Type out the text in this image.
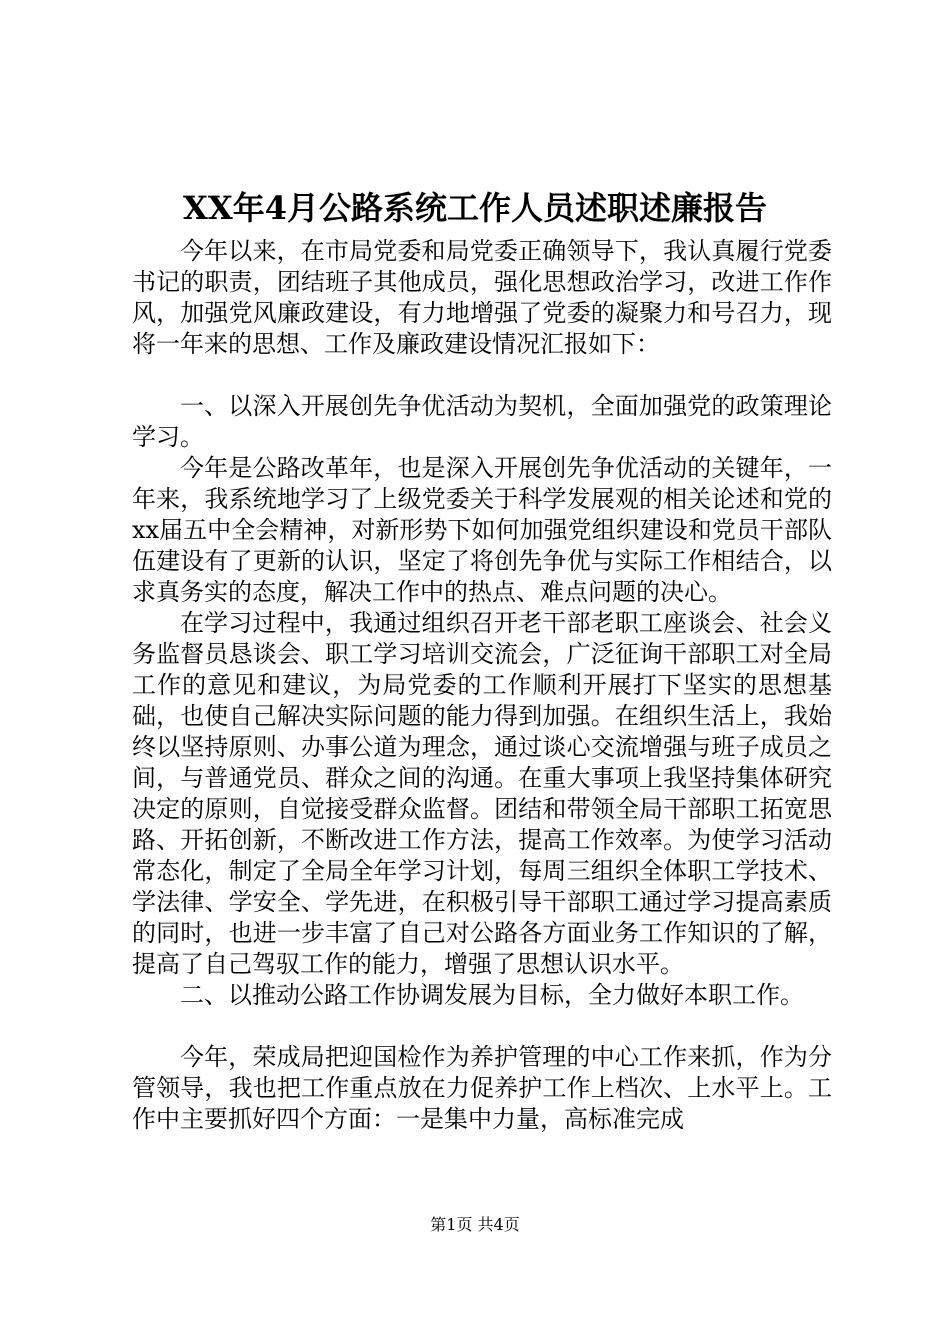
XX年4月公路系统工作人员述职述廉报告

今年以来，在市局党委和局党委正确领导下，我认真履行党委书记的职责，团结班子其他成员，强化思想政治学习，改进工作作风，加强党风廉政建设，有力地增强了党委的凝聚力和号召力，现将一年来的思想、工作及廉政建设情况汇报如下：

一、以深入开展创先争优活动为契机，全面加强党的政策理论学习。

今年是公路改革年，也是深入开展创先争优活动的关键年，一年来，我系统地学习了上级党委关于科学发展观的相关论述和党的xx届五中全会精神，对新形势下如何加强党组织建设和党员干部队伍建设有了更新的认识，坚定了将创先争优与实际工作相结合，以求真务实的态度，解决工作中的热点、难点问题的决心。

在学习过程中，我通过组织召开老干部老职工座谈会、社会义务监督员恳谈会、职工学习培训交流会，广泛征询干部职工对全局工作的意见和建议，为局党委的工作顺利开展打下坚实的思想基础，也使自己解决实际问题的能力得到加强。在组织生活上，我始终以坚持原则、办事公道为理念，通过谈心交流增强与班子成员之间，与普通党员、群众之间的沟通。在重大事项上我坚持集体研究决定的原则，自觉接受群众监督。团结和带领全局干部职工拓宽思路、开拓创新，不断改进工作方法，提高工作效率。为使学习活动常态化，制定了全局全年学习计划，每周三组织全体职工学技术、学法律、学安全、学先进，在积极引导干部职工通过学习提高素质的同时，也进一步丰富了自己对公路各方面业务工作知识的了解，提高了自己驾驭工作的能力，增强了思想认识水平。

二、以推动公路工作协调发展为目标，全力做好本职工作。

今年，荣成局把迎国检作为养护管理的中心工作来抓，作为分管领导，我也把工作重点放在力促养护工作上档次、上水平上。工作中主要抓好四个方面：一是集中力量，高标准完成

第1页 共4页
